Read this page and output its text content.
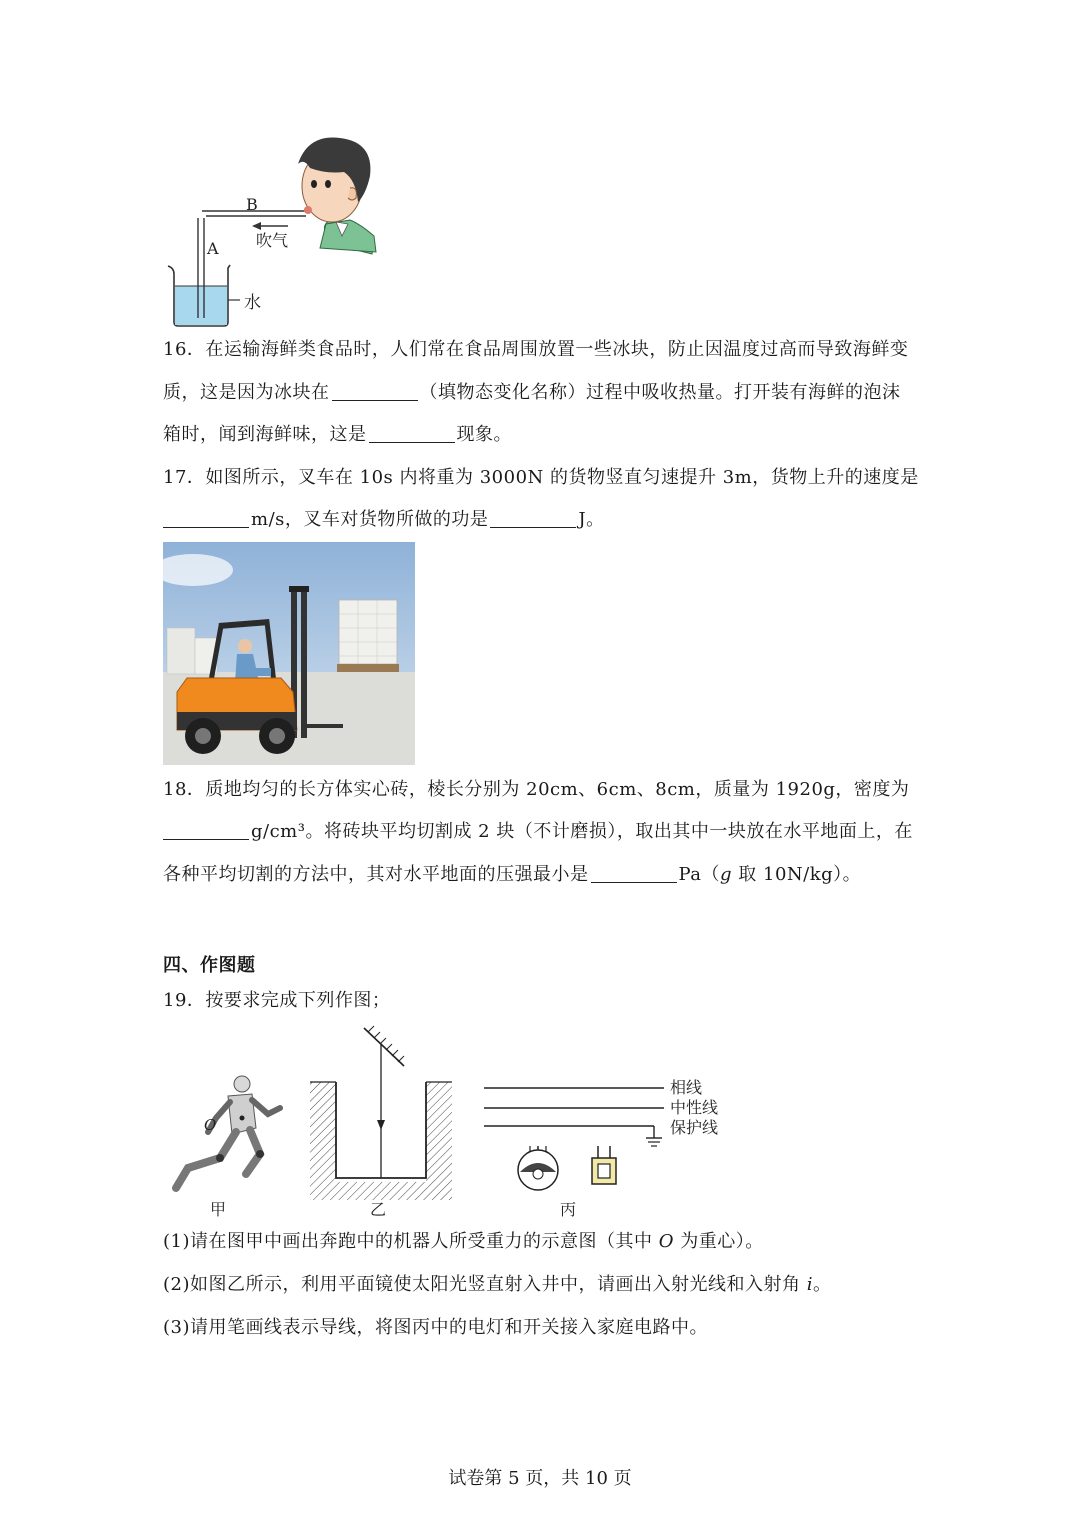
B
A 吹气
水
16．在运输海鲜类食品时，人们常在食品周围放置一些冰块，防止因温度过高而导致海鲜变
质，这是因为冰块在	（填物态变化名称）过程中吸收热量。打开装有海鲜的泡沫
箱时，闻到海鲜味，这是	现象。
17．如图所示，叉车在 10s 内将重为 3000N 的货物竖直匀速提升 3m，货物上升的速度是
m/s，叉车对货物所做的功是	J。
18．质地均匀的长方体实心砖，棱长分别为 20cm、6cm、8cm，质量为 1920g，密度为
g/cm³。将砖块平均切割成 2 块（不计磨损），取出其中一块放在水平地面上，在
各种平均切割的方法中，其对水平地面的压强最小是	Pa（g 取 10N/kg）。
四、作图题
19．按要求完成下列作图；
O
甲	乙
相线
中性线
保护线
丙
(1)请在图甲中画出奔跑中的机器人所受重力的示意图（其中 O 为重心）。
(2)如图乙所示，利用平面镜使太阳光竖直射入井中，请画出入射光线和入射角 i。
(3)请用笔画线表示导线，将图丙中的电灯和开关接入家庭电路中。
试卷第 5 页，共 10 页
